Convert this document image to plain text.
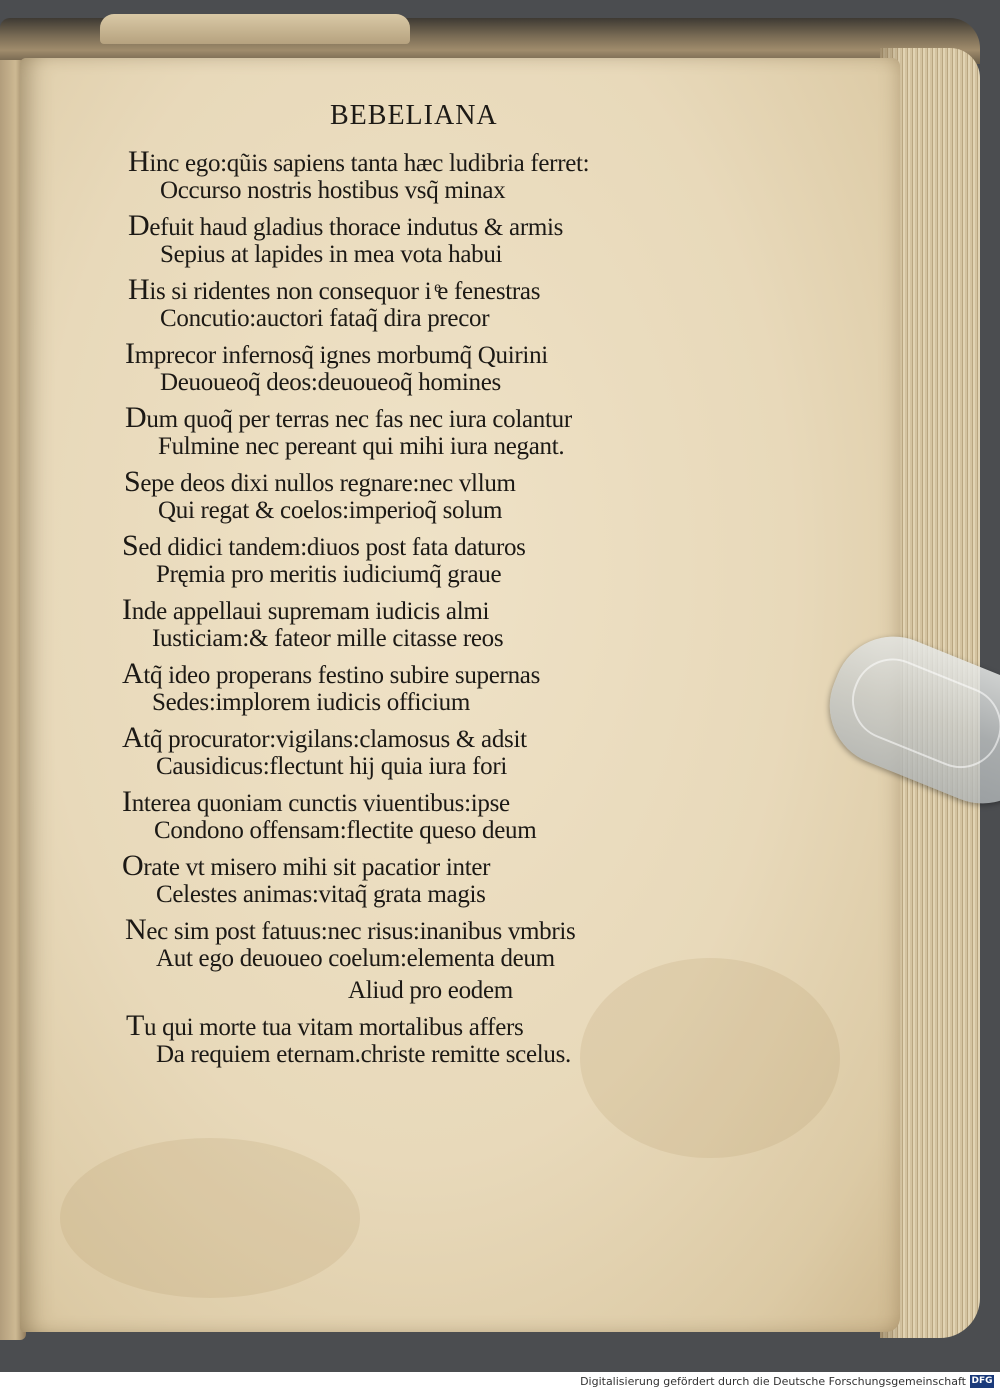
BEBELIANA
Hinc ego:qũis sapiens tanta hæc ludibria ferret:
Occurso nostris hostibus vsq̃ minax
Defuit haud gladius thorace indutus & armis
Sepius at lapides in mea vota habui
His si ridentes non consequor i ͤe fenestras
Concutio:auctori fataq̃ dira precor
Imprecor infernosq̃ ignes morbumq̃ Quirini
Deuoueoq̃ deos:deuoueoq̃ homines
Dum quoq̃ per terras nec fas nec iura colantur
Fulmine nec pereant qui mihi iura negant.
Sepe deos dixi nullos regnare:nec vllum
Qui regat & coelos:imperioq̃ solum
Sed didici tandem:diuos post fata daturos
Pręmia pro meritis iudiciumq̃ graue
Inde appellaui supremam iudicis almi
Iusticiam:& fateor mille citasse reos
Atq̃ ideo properans festino subire supernas
Sedes:implorem iudicis officium
Atq̃ procurator:vigilans:clamosus & adsit
Causidicus:flectunt hij quia iura fori
Interea quoniam cunctis viuentibus:ipse
Condono offensam:flectite queso deum
Orate vt misero mihi sit pacatior inter
Celestes animas:vitaq̃ grata magis
Nec sim post fatuus:nec risus:inanibus vmbris
Aut ego deuoueo coelum:elementa deum
Aliud pro eodem
Tu qui morte tua vitam mortalibus affers
Da requiem eternam.christe remitte scelus.
Digitalisierung gefördert durch die Deutsche Forschungsgemeinschaft DFG
